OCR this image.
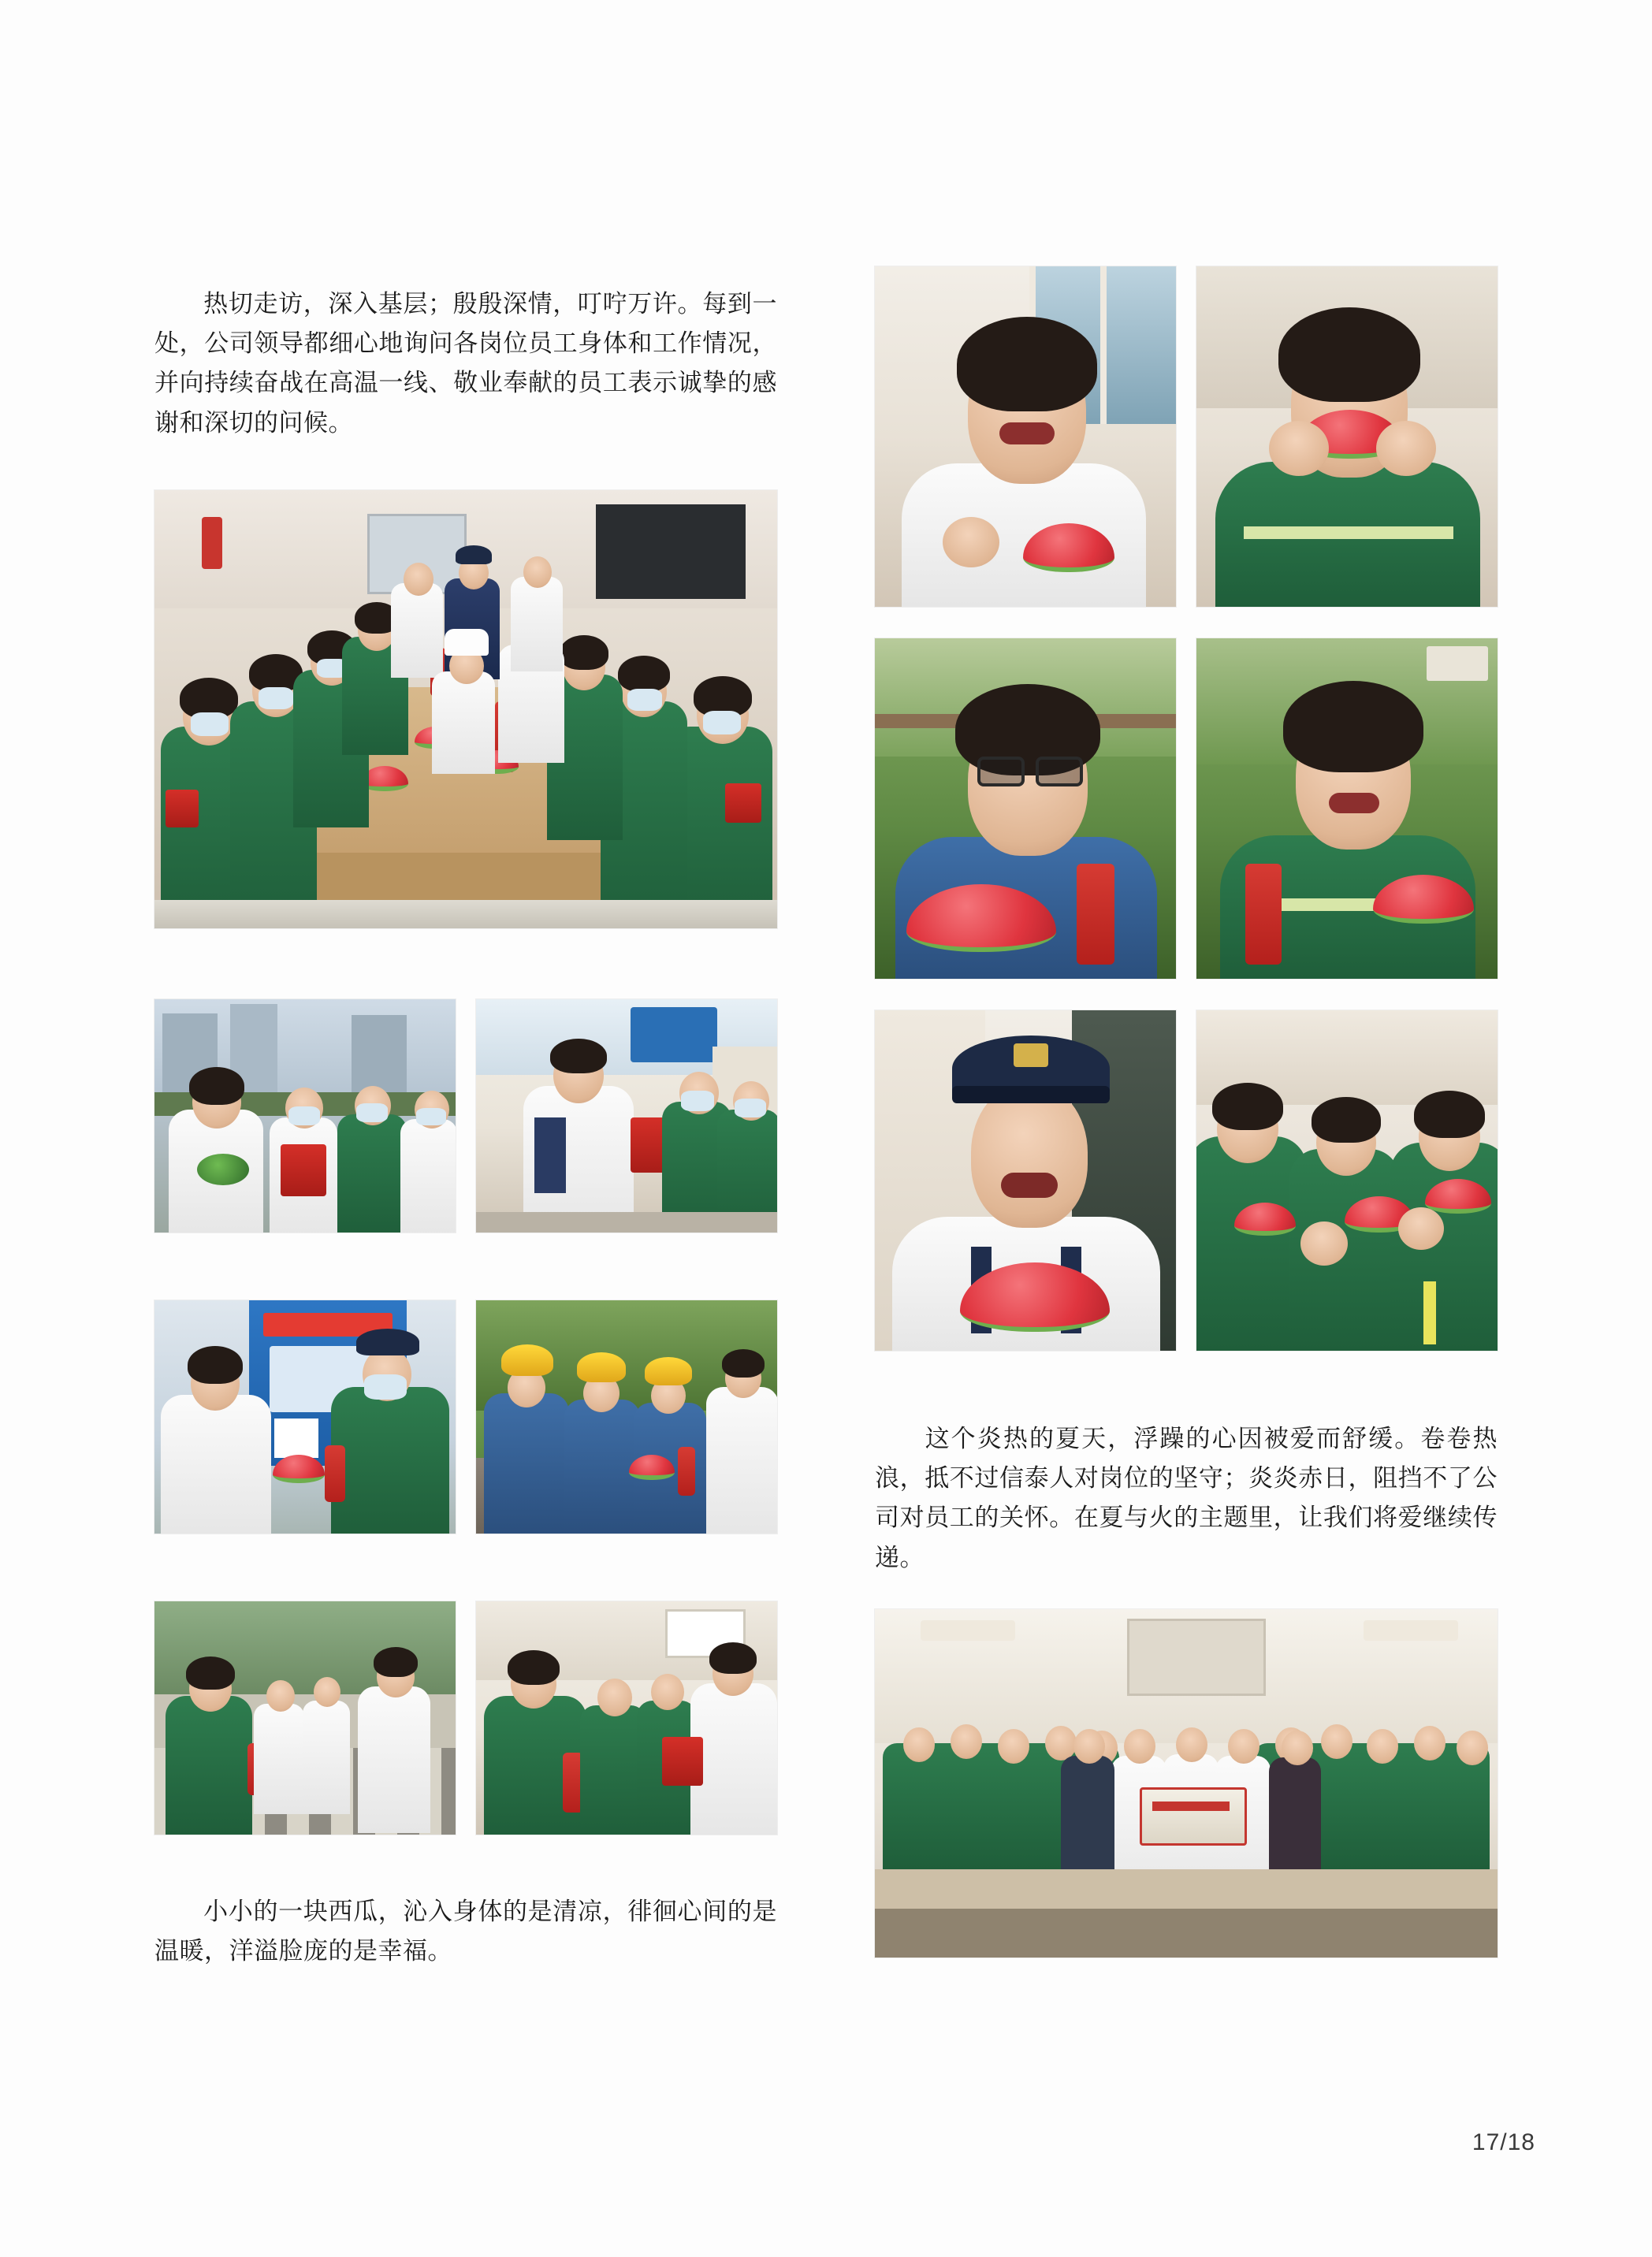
热切走访，深入基层；殷殷深情，叮咛万许。每到一处，公司领导都细心地询问各岗位员工身体和工作情况，并向持续奋战在高温一线、敬业奉献的员工表示诚挚的感谢和深切的问候。

小小的一块西瓜，沁入身体的是清凉，徘徊心间的是温暖，洋溢脸庞的是幸福。

这个炎热的夏天，浮躁的心因被爱而舒缓。卷卷热浪，抵不过信泰人对岗位的坚守；炎炎赤日，阻挡不了公司对员工的关怀。在夏与火的主题里，让我们将爱继续传递。

17/18
